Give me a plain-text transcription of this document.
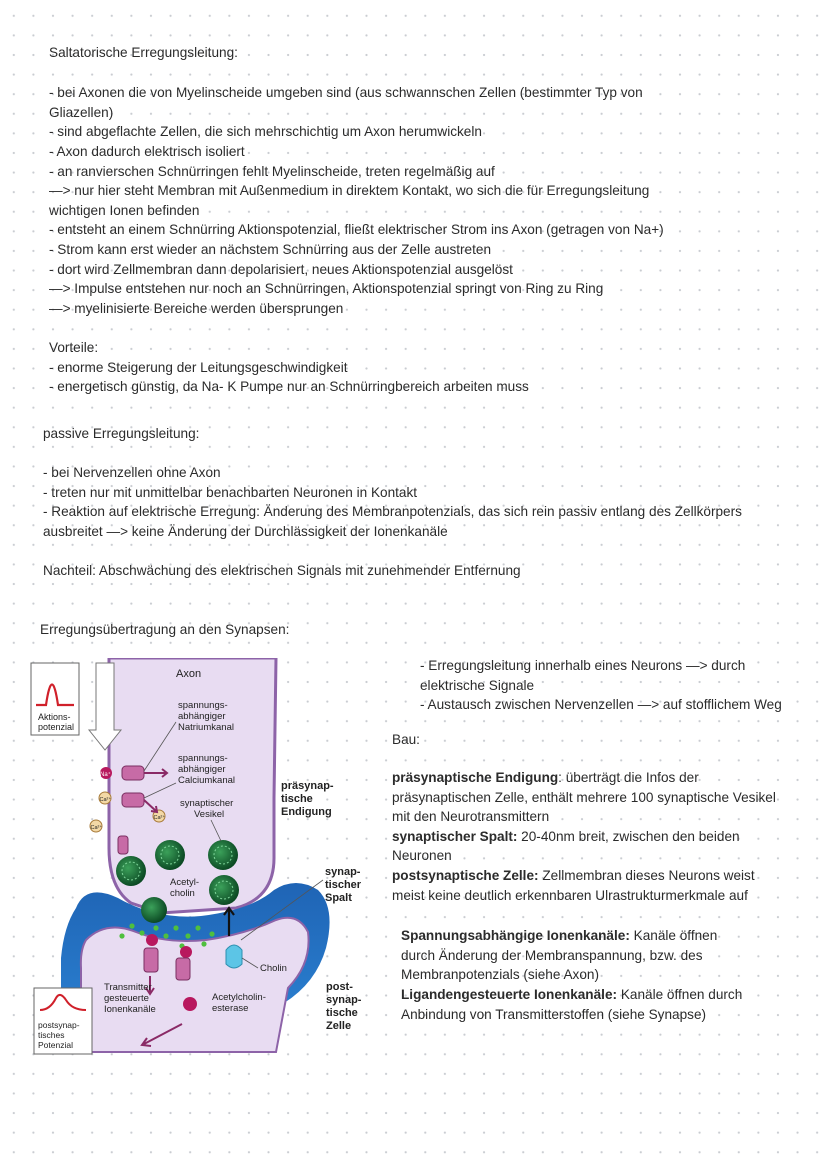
Saltatorische Erregungsleitung:
- bei Axonen die von Myelinscheide umgeben sind (aus schwannschen Zellen (bestimmter Typ von
Gliazellen)
- sind abgeflachte Zellen, die sich mehrschichtig um Axon herumwickeln
- Axon dadurch elektrisch isoliert
- an ranvierschen Schnürringen fehlt Myelinscheide, treten regelmäßig auf
—> nur hier steht Membran mit Außenmedium in direktem Kontakt, wo sich die für Erregungsleitung
wichtigen Ionen befinden
- entsteht an einem Schnürring Aktionspotenzial, fließt elektrischer Strom ins Axon (getragen von Na+)
- Strom kann erst wieder an nächstem Schnürring aus der Zelle austreten
- dort wird Zellmembran dann depolarisiert, neues Aktionspotenzial ausgelöst
—> Impulse entstehen nur noch an Schnürringen, Aktionspotenzial springt von Ring zu Ring
—> myelinisierte Bereiche werden übersprungen
Vorteile:
- enorme Steigerung der Leitungsgeschwindigkeit
- energetisch günstig, da Na- K Pumpe nur an Schnürringbereich arbeiten muss
passive Erregungsleitung:
- bei Nervenzellen ohne Axon
- treten nur mit unmittelbar benachbarten Neuronen in Kontakt
- Reaktion auf elektrische Erregung: Änderung des Membranpotenzials, das sich rein passiv entlang des Zellkörpers
ausbreitet —> keine Änderung der Durchlässigkeit der Ionenkanäle
Nachteil: Abschwächung des elektrischen Signals mit zunehmender Entfernung
Erregungsübertragung an den Synapsen:
- Erregungsleitung innerhalb eines Neurons —> durch
elektrische Signale
- Austausch zwischen Nervenzellen —> auf stofflichem Weg
Bau:
präsynaptische Endigung: überträgt die Infos der
präsynaptischen Zelle, enthält mehrere 100 synaptische Vesikel
mit den Neurotransmittern
synaptischer Spalt: 20-40nm breit, zwischen den beiden
Neuronen
postsynaptische Zelle: Zellmembran dieses Neurons weist
meist keine deutlich erkennbaren Ulrastrukturmerkmale auf
Spannungsabhängige Ionenkanäle: Kanäle öffnen
durch Änderung der Membranspannung, bzw. des
Membranpotenzials (siehe Axon)
Ligandengesteuerte Ionenkanäle: Kanäle öffnen durch
Anbindung von Transmitterstoffen (siehe Synapse)
Aktions-
potenzial
Na⁺
Ca²⁺
Ca²⁺
Ca²⁺
Axon
spannungs-
abhängiger
Natriumkanal
spannungs-
abhängiger
Calciumkanal
synaptischer
Vesikel
Acetyl-
cholin
präsynap-
tische
Endigung
synap-
tischer
Spalt
Cholin
Transmitter
gesteuerte
Ionenkanäle
Acetylcholin-
esterase
post-
synap-
tische
Zelle
postsynap-
tisches
Potenzial
